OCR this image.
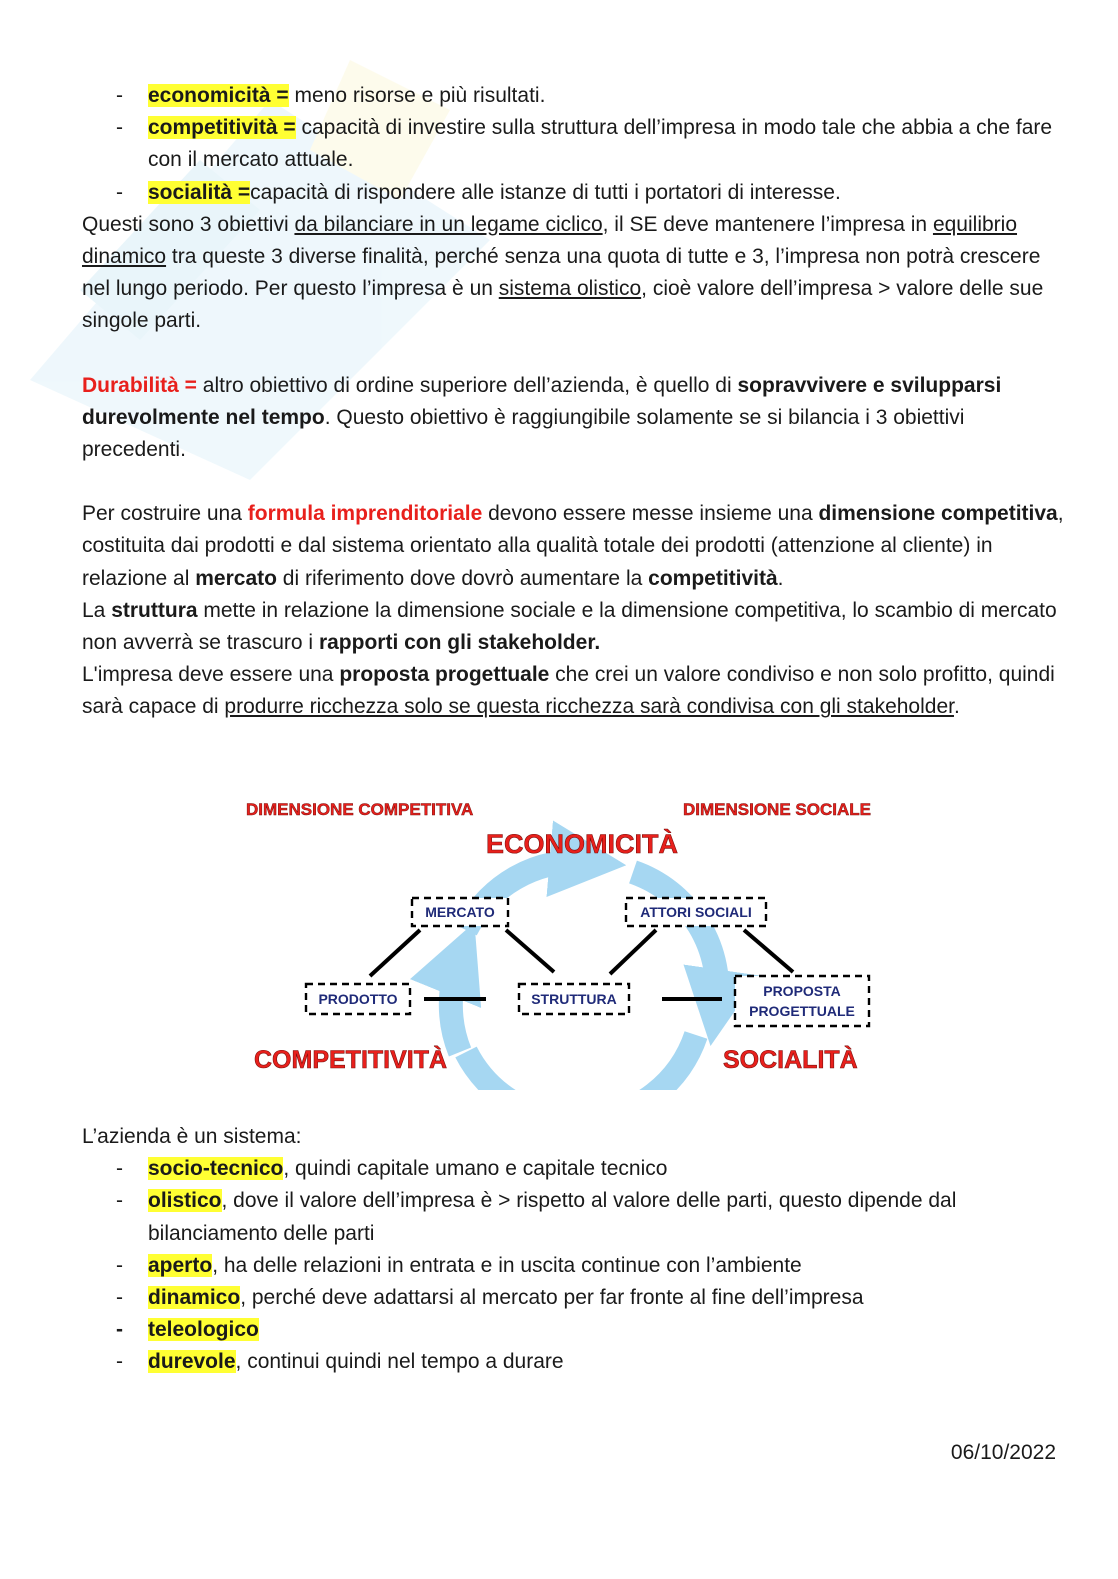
-	economicità = meno risorse e più risultati.
-	competitività = capacità di investire sulla struttura dell’impresa in modo tale che abbia a che fare con il mercato attuale.
-	socialità =capacità di rispondere alle istanze di tutti i portatori di interesse.
Questi sono 3 obiettivi da bilanciare in un legame ciclico, il SE deve mantenere l’impresa in equilibrio dinamico tra queste 3 diverse finalità, perché senza una quota di tutte e 3, l’impresa non potrà crescere nel lungo periodo. Per questo l’impresa è un sistema olistico, cioè valore dell’impresa > valore delle sue singole parti.
Durabilità = altro obiettivo di ordine superiore dell’azienda, è quello di sopravvivere e svilupparsi durevolmente nel tempo. Questo obiettivo è raggiungibile solamente se si bilancia i 3 obiettivi precedenti.
Per costruire una formula imprenditoriale devono essere messe insieme una dimensione competitiva, costituita dai prodotti e dal sistema orientato alla qualità totale dei prodotti (attenzione al cliente) in relazione al mercato di riferimento dove dovrò aumentare la competitività.
La struttura mette in relazione la dimensione sociale e la dimensione competitiva, lo scambio di mercato non avverrà se trascuro i rapporti con gli stakeholder.
L'impresa deve essere una proposta progettuale che crei un valore condiviso e non solo profitto, quindi sarà capace di produrre ricchezza solo se questa ricchezza sarà condivisa con gli stakeholder.
DIMENSIONE COMPETITIVA	DIMENSIONE SOCIALE
ECONOMICITÀ
COMPETITIVITÀ	SOCIALITÀ
MERCATO	ATTORI SOCIALI
PRODOTTO	STRUTTURA	PROPOSTA
PROGETTUALE
L’azienda è un sistema:
-	socio-tecnico, quindi capitale umano e capitale tecnico
-	olistico, dove il valore dell’impresa è > rispetto al valore delle parti, questo dipende dal bilanciamento delle parti
-	aperto, ha delle relazioni in entrata e in uscita continue con l’ambiente
-	dinamico, perché deve adattarsi al mercato per far fronte al fine dell’impresa
-	teleologico
-	durevole, continui quindi nel tempo a durare
06/10/2022
